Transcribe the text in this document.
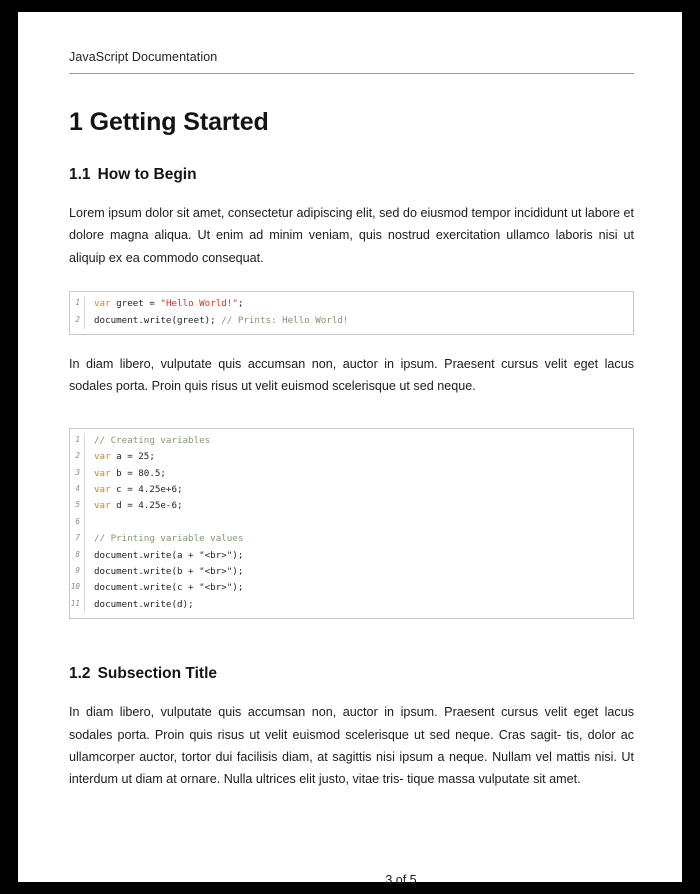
JavaScript Documentation
1 Getting Started
1.1 How to Begin

Lorem ipsum dolor sit amet, consectetur adipiscing elit, sed do eiusmod tempor incididunt ut labore et dolore magna aliqua. Ut enim ad minim veniam, quis nostrud exercitation ullamco laboris nisi ut aliquip ex ea commodo consequat.

1
2
var greet = "Hello World!";
document.write(greet); // Prints: Hello World!

In diam libero, vulputate quis accumsan non, auctor in ipsum. Praesent cursus velit eget lacus sodales porta. Proin quis risus ut velit euismod scelerisque ut sed neque.

1
2
3
4
5
6
7
8
9
10
11
// Creating variables
var a = 25;
var b = 80.5;
var c = 4.25e+6;
var d = 4.25e-6;

// Printing variable values
document.write(a + "<br>");
document.write(b + "<br>");
document.write(c + "<br>");
document.write(d);
1.2 Subsection Title

In diam libero, vulputate quis accumsan non, auctor in ipsum. Praesent cursus velit eget lacus sodales porta. Proin quis risus ut velit euismod scelerisque ut sed neque. Cras sagit- tis, dolor ac ullamcorper auctor, tortor dui facilisis diam, at sagittis nisi ipsum a neque. Nullam vel mattis nisi. Ut interdum ut diam at ornare. Nulla ultrices elit justo, vitae tris- tique massa vulputate sit amet.

3 of 5
